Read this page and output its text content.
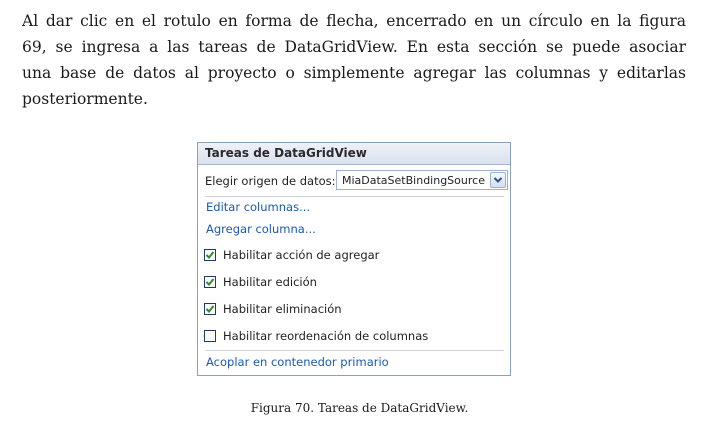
Al dar clic en el rotulo en forma de flecha, encerrado en un círculo en la figura
69, se ingresa a las tareas de DataGridView. En esta sección se puede asociar
una base de datos al proyecto o simplemente agregar las columnas y editarlas
posteriormente.
Tareas de DataGridView
Elegir origen de datos: MiaDataSetBindingSource
Editar columnas...
Agregar columna...
Habilitar acción de agregar
Habilitar edición
Habilitar eliminación
Habilitar reordenación de columnas
Acoplar en contenedor primario
Figura 70. Tareas de DataGridView.
